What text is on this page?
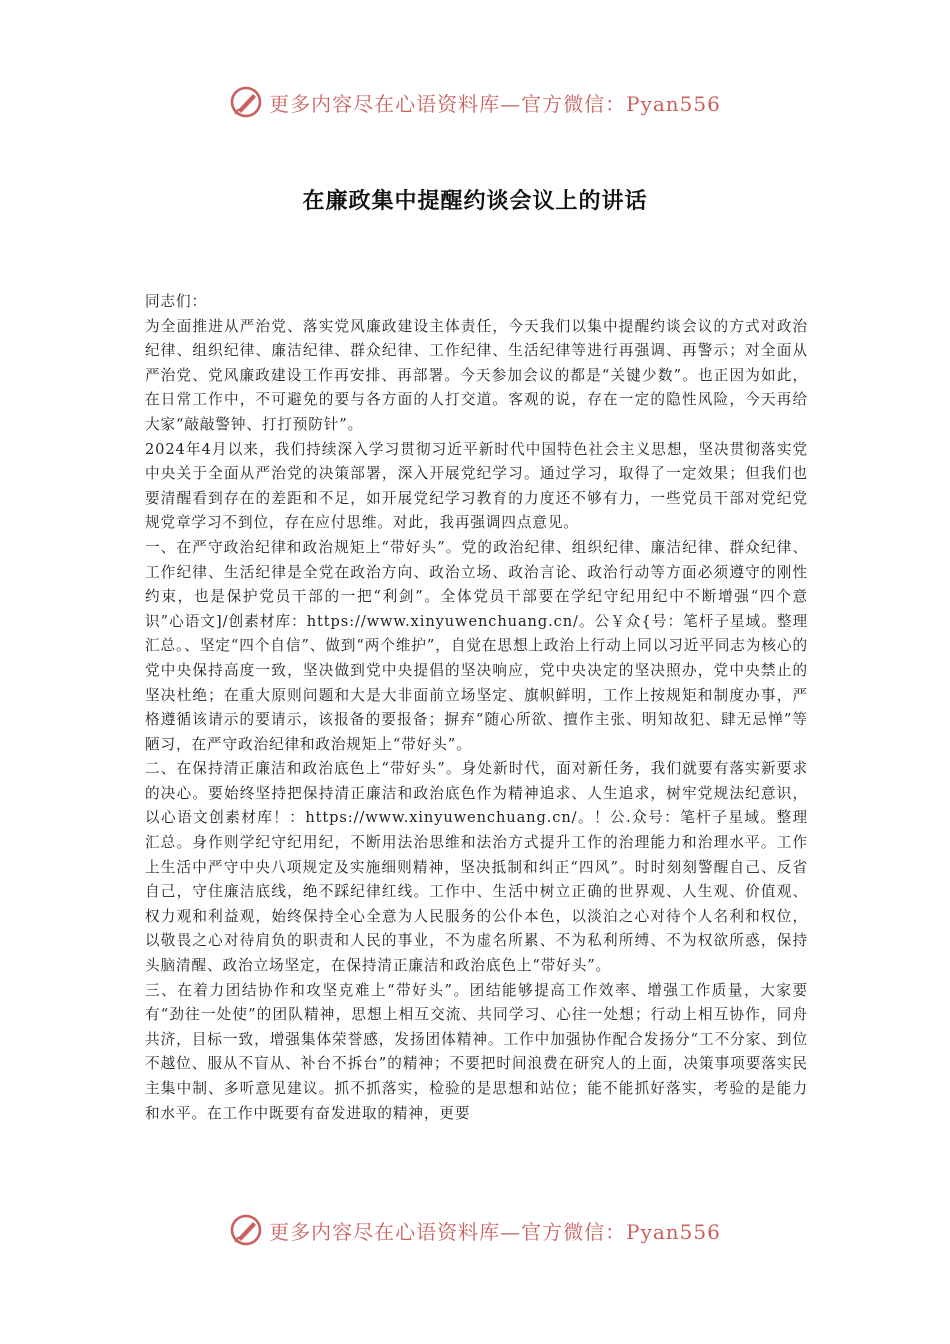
更多内容尽在心语资料库—官方微信：Pyan556
在廉政集中提醒约谈会议上的讲话

同志们：

为全面推进从严治党、落实党风廉政建设主体责任，今天我们以集中提醒约谈会议的方式对政治纪律、组织纪律、廉洁纪律、群众纪律、工作纪律、生活纪律等进行再强调、再警示；对全面从严治党、党风廉政建设工作再安排、再部署。今天参加会议的都是“关键少数”。也正因为如此，在日常工作中，不可避免的要与各方面的人打交道。客观的说，存在一定的隐性风险，今天再给大家“敲敲警钟、打打预防针”。

2024年4月以来，我们持续深入学习贯彻习近平新时代中国特色社会主义思想，坚决贯彻落实党中央关于全面从严治党的决策部署，深入开展党纪学习。通过学习，取得了一定效果；但我们也要清醒看到存在的差距和不足，如开展党纪学习教育的力度还不够有力，一些党员干部对党纪党规党章学习不到位，存在应付思维。对此，我再强调四点意见。

一、在严守政治纪律和政治规矩上“带好头”。党的政治纪律、组织纪律、廉洁纪律、群众纪律、工作纪律、生活纪律是全党在政治方向、政治立场、政治言论、政治行动等方面必须遵守的刚性约束，也是保护党员干部的一把“利剑”。全体党员干部要在学纪守纪用纪中不断增强“四个意识”心语文]/创素材库：https://www.xinyuwenchuang.cn/。公￥众{号：笔杆子星域。整理汇总。、坚定“四个自信”、做到“两个维护”，自觉在思想上政治上行动上同以习近平同志为核心的党中央保持高度一致，坚决做到党中央提倡的坚决响应，党中央决定的坚决照办，党中央禁止的坚决杜绝；在重大原则问题和大是大非面前立场坚定、旗帜鲜明，工作上按规矩和制度办事，严格遵循该请示的要请示，该报备的要报备；摒弃“随心所欲、擅作主张、明知故犯、肆无忌惮”等陋习，在严守政治纪律和政治规矩上“带好头”。

二、在保持清正廉洁和政治底色上“带好头”。身处新时代，面对新任务，我们就要有落实新要求的决心。要始终坚持把保持清正廉洁和政治底色作为精神追求、人生追求，树牢党规法纪意识，以心语文创素材库！：https://www.xinyuwenchuang.cn/。！公.众号：笔杆子星域。整理汇总。身作则学纪守纪用纪，不断用法治思维和法治方式提升工作的治理能力和治理水平。工作上生活中严守中央八项规定及实施细则精神，坚决抵制和纠正“四风”。时时刻刻警醒自己、反省自己，守住廉洁底线，绝不踩纪律红线。工作中、生活中树立正确的世界观、人生观、价值观、权力观和利益观，始终保持全心全意为人民服务的公仆本色，以淡泊之心对待个人名利和权位，以敬畏之心对待肩负的职责和人民的事业，不为虚名所累、不为私利所缚、不为权欲所惑，保持头脑清醒、政治立场坚定，在保持清正廉洁和政治底色上“带好头”。

三、在着力团结协作和攻坚克难上“带好头”。团结能够提高工作效率、增强工作质量，大家要有“劲往一处使”的团队精神，思想上相互交流、共同学习、心往一处想；行动上相互协作，同舟共济，目标一致，增强集体荣誉感，发扬团体精神。工作中加强协作配合发扬分“工不分家、到位不越位、服从不盲从、补台不拆台”的精神；不要把时间浪费在研究人的上面，决策事项要落实民主集中制、多听意见建议。抓不抓落实，检验的是思想和站位；能不能抓好落实，考验的是能力和水平。在工作中既要有奋发进取的精神，更要

更多内容尽在心语资料库—官方微信：Pyan556
